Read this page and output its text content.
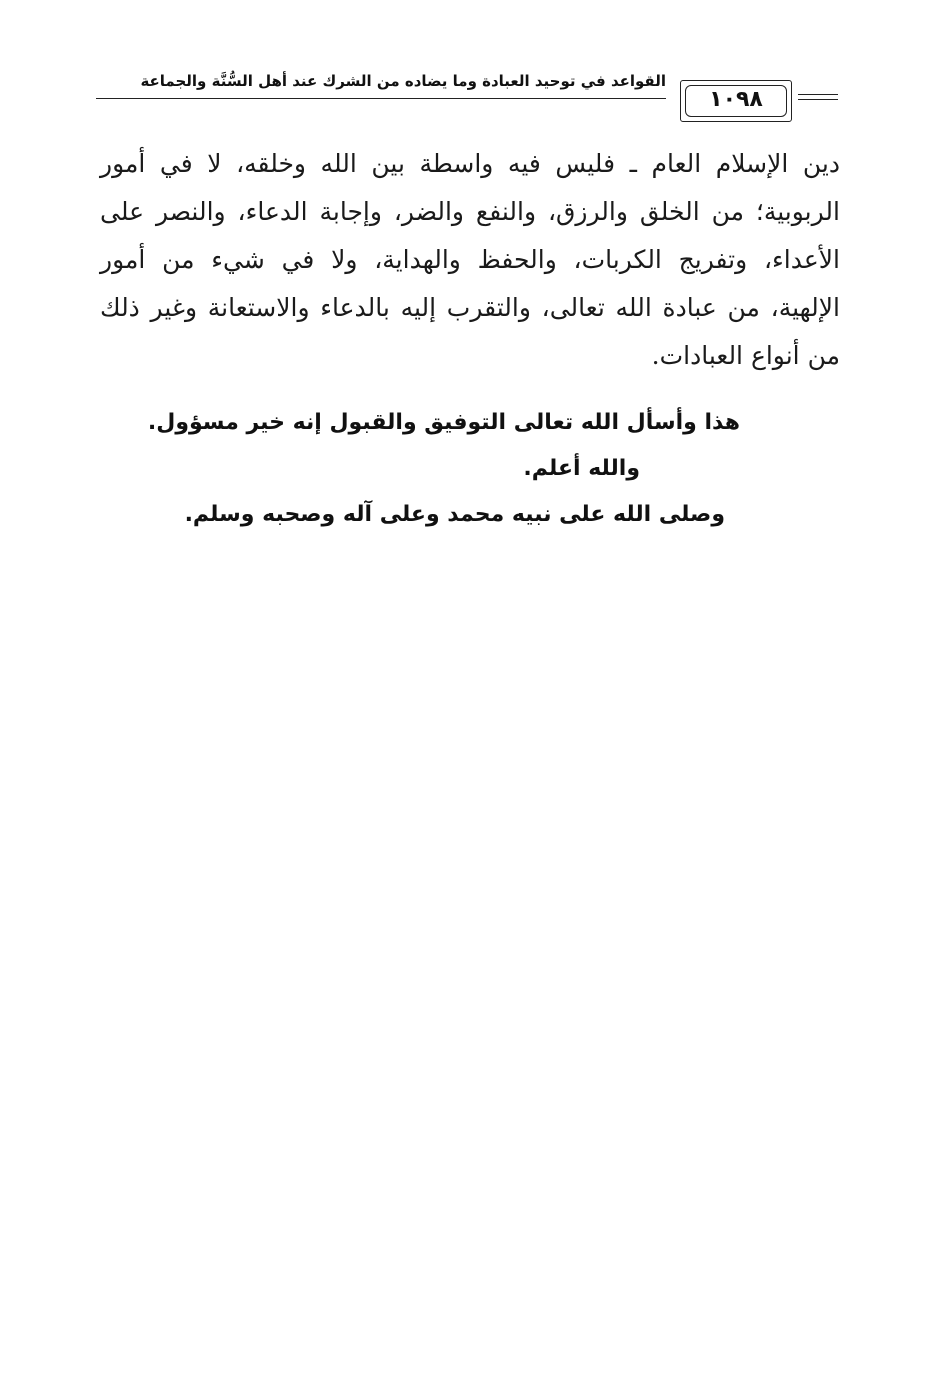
القواعد في توحيد العبادة وما يضاده من الشرك عند أهل السُّنَّة والجماعة
١٠٩٨
دين الإسلام العام ـ فليس فيه واسطة بين الله وخلقه، لا في أمور
الربوبية؛ من الخلق والرزق، والنفع والضر، وإجابة الدعاء، والنصر على
الأعداء، وتفريج الكربات، والحفظ والهداية، ولا في شيء من أمور
الإلهية، من عبادة الله تعالى، والتقرب إليه بالدعاء والاستعانة وغير ذلك
من أنواع العبادات.
هذا وأسأل الله تعالى التوفيق والقبول إنه خير مسؤول.
والله أعلم.
وصلى الله على نبيه محمد وعلى آله وصحبه وسلم.
